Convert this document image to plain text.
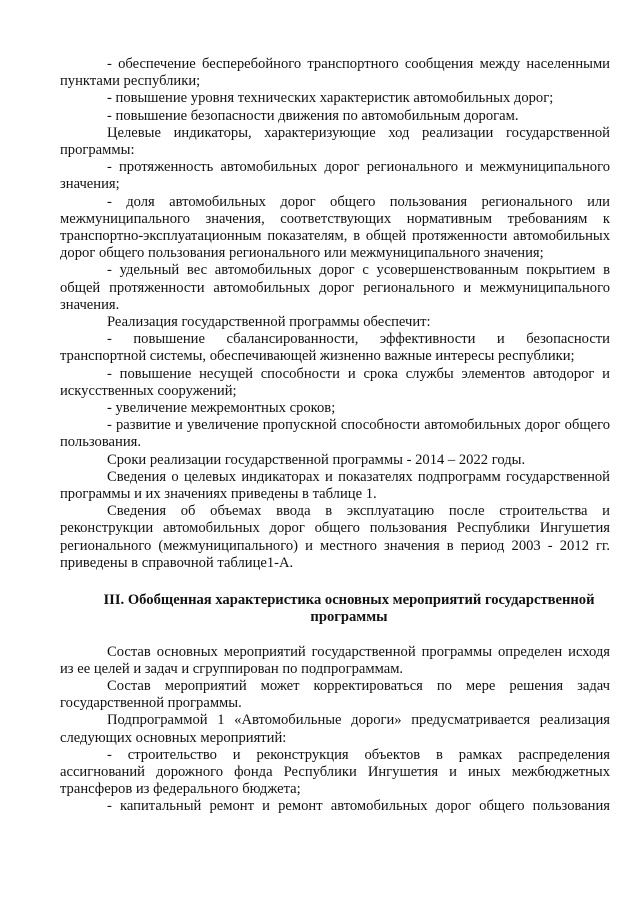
- обеспечение бесперебойного транспортного сообщения между населенными пунктами республики;

- повышение уровня технических характеристик автомобильных дорог;

- повышение безопасности движения по автомобильным дорогам.

Целевые индикаторы, характеризующие ход реализации государственной программы:

- протяженность автомобильных дорог регионального и межмуниципального значения;

- доля автомобильных дорог общего пользования регионального или межмуниципального значения, соответствующих нормативным требованиям к транспортно-эксплуатационным показателям, в общей протяженности автомобильных дорог общего пользования регионального или межмуниципального значения;

- удельный вес автомобильных дорог с усовершенствованным покрытием в общей протяженности автомобильных дорог регионального и межмуниципального значения.

Реализация государственной программы обеспечит:

- повышение сбалансированности, эффективности и безопасности транспортной системы, обеспечивающей жизненно важные интересы республики;

- повышение несущей способности и срока службы элементов автодорог и искусственных сооружений;

- увеличение межремонтных сроков;

- развитие и увеличение пропускной способности автомобильных дорог общего пользования.

Сроки реализации государственной программы - 2014 – 2022 годы.

Сведения о целевых индикаторах и показателях подпрограмм государственной программы и их значениях приведены в таблице 1.

Сведения об объемах ввода в эксплуатацию после строительства и реконструкции автомобильных дорог общего пользования Республики Ингушетия регионального (межмуниципального) и местного значения в период 2003 - 2012 гг. приведены в справочной таблице1-А.

III. Обобщенная характеристика основных мероприятий государственной программы

Состав основных мероприятий государственной программы определен исходя из ее целей и задач и сгруппирован по подпрограммам.

Состав мероприятий может корректироваться по мере решения задач государственной программы.

Подпрограммой 1 «Автомобильные дороги» предусматривается реализация следующих основных мероприятий:

- строительство и реконструкция объектов в рамках распределения ассигнований дорожного фонда Республики Ингушетия и иных межбюджетных трансферов из федерального бюджета;

- капитальный ремонт и ремонт автомобильных дорог общего пользования
